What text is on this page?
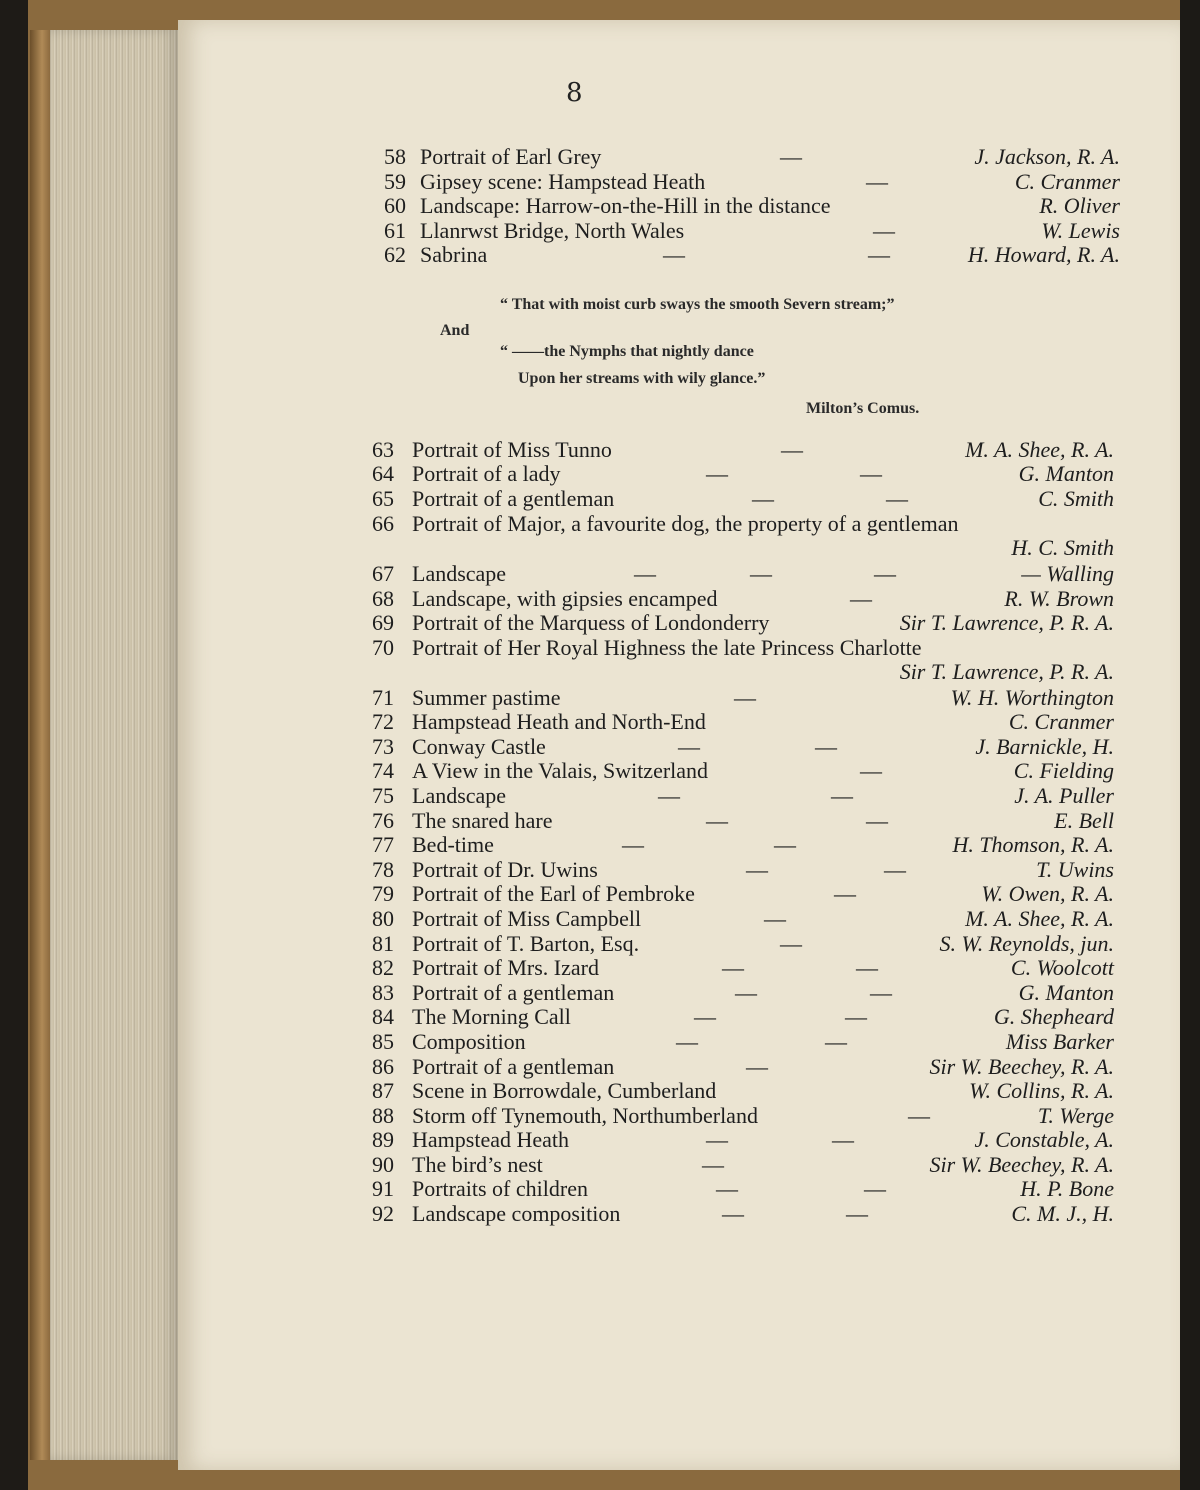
8
58 Portrait of Earl Grey	—	J. Jackson, R. A.
59 Gipsey scene: Hampstead Heath	—	C. Cranmer
60 Landscape: Harrow-on-the-Hill in the distance	R. Oliver
61 Llanrwst Bridge, North Wales	—	W. Lewis
62 Sabrina	—	—	H. Howard, R. A.
“ That with moist curb sways the smooth Severn stream;”
And
“ ——the Nymphs that nightly dance
Upon her streams with wily glance.”
Milton’s Comus.
63 Portrait of Miss Tunno	—	M. A. Shee, R. A.
64 Portrait of a lady	—	—	G. Manton
65 Portrait of a gentleman	—	—	C. Smith
66 Portrait of Major, a favourite dog, the property of a gentleman
H. C. Smith
67 Landscape	—	—	—	— Walling
68 Landscape, with gipsies encamped	—	R. W. Brown
69 Portrait of the Marquess of Londonderry	Sir T. Lawrence, P. R. A.
70 Portrait of Her Royal Highness the late Princess Charlotte
Sir T. Lawrence, P. R. A.
71 Summer pastime	—	W. H. Worthington
72 Hampstead Heath and North-End	C. Cranmer
73 Conway Castle	—	—	J. Barnickle, H.
74 A View in the Valais, Switzerland	—	C. Fielding
75 Landscape	—	—	J. A. Puller
76 The snared hare	—	—	E. Bell
77 Bed-time	—	—	H. Thomson, R. A.
78 Portrait of Dr. Uwins	—	—	T. Uwins
79 Portrait of the Earl of Pembroke	—	W. Owen, R. A.
80 Portrait of Miss Campbell	—	M. A. Shee, R. A.
81 Portrait of T. Barton, Esq.	—	S. W. Reynolds, jun.
82 Portrait of Mrs. Izard	—	—	C. Woolcott
83 Portrait of a gentleman	—	—	G. Manton
84 The Morning Call	—	—	G. Shepheard
85 Composition	—	—	Miss Barker
86 Portrait of a gentleman	—	Sir W. Beechey, R. A.
87 Scene in Borrowdale, Cumberland	W. Collins, R. A.
88 Storm off Tynemouth, Northumberland	—	T. Werge
89 Hampstead Heath	—	—	J. Constable, A.
90 The bird’s nest	—	Sir W. Beechey, R. A.
91 Portraits of children	—	—	H. P. Bone
92 Landscape composition	—	—	C. M. J., H.
